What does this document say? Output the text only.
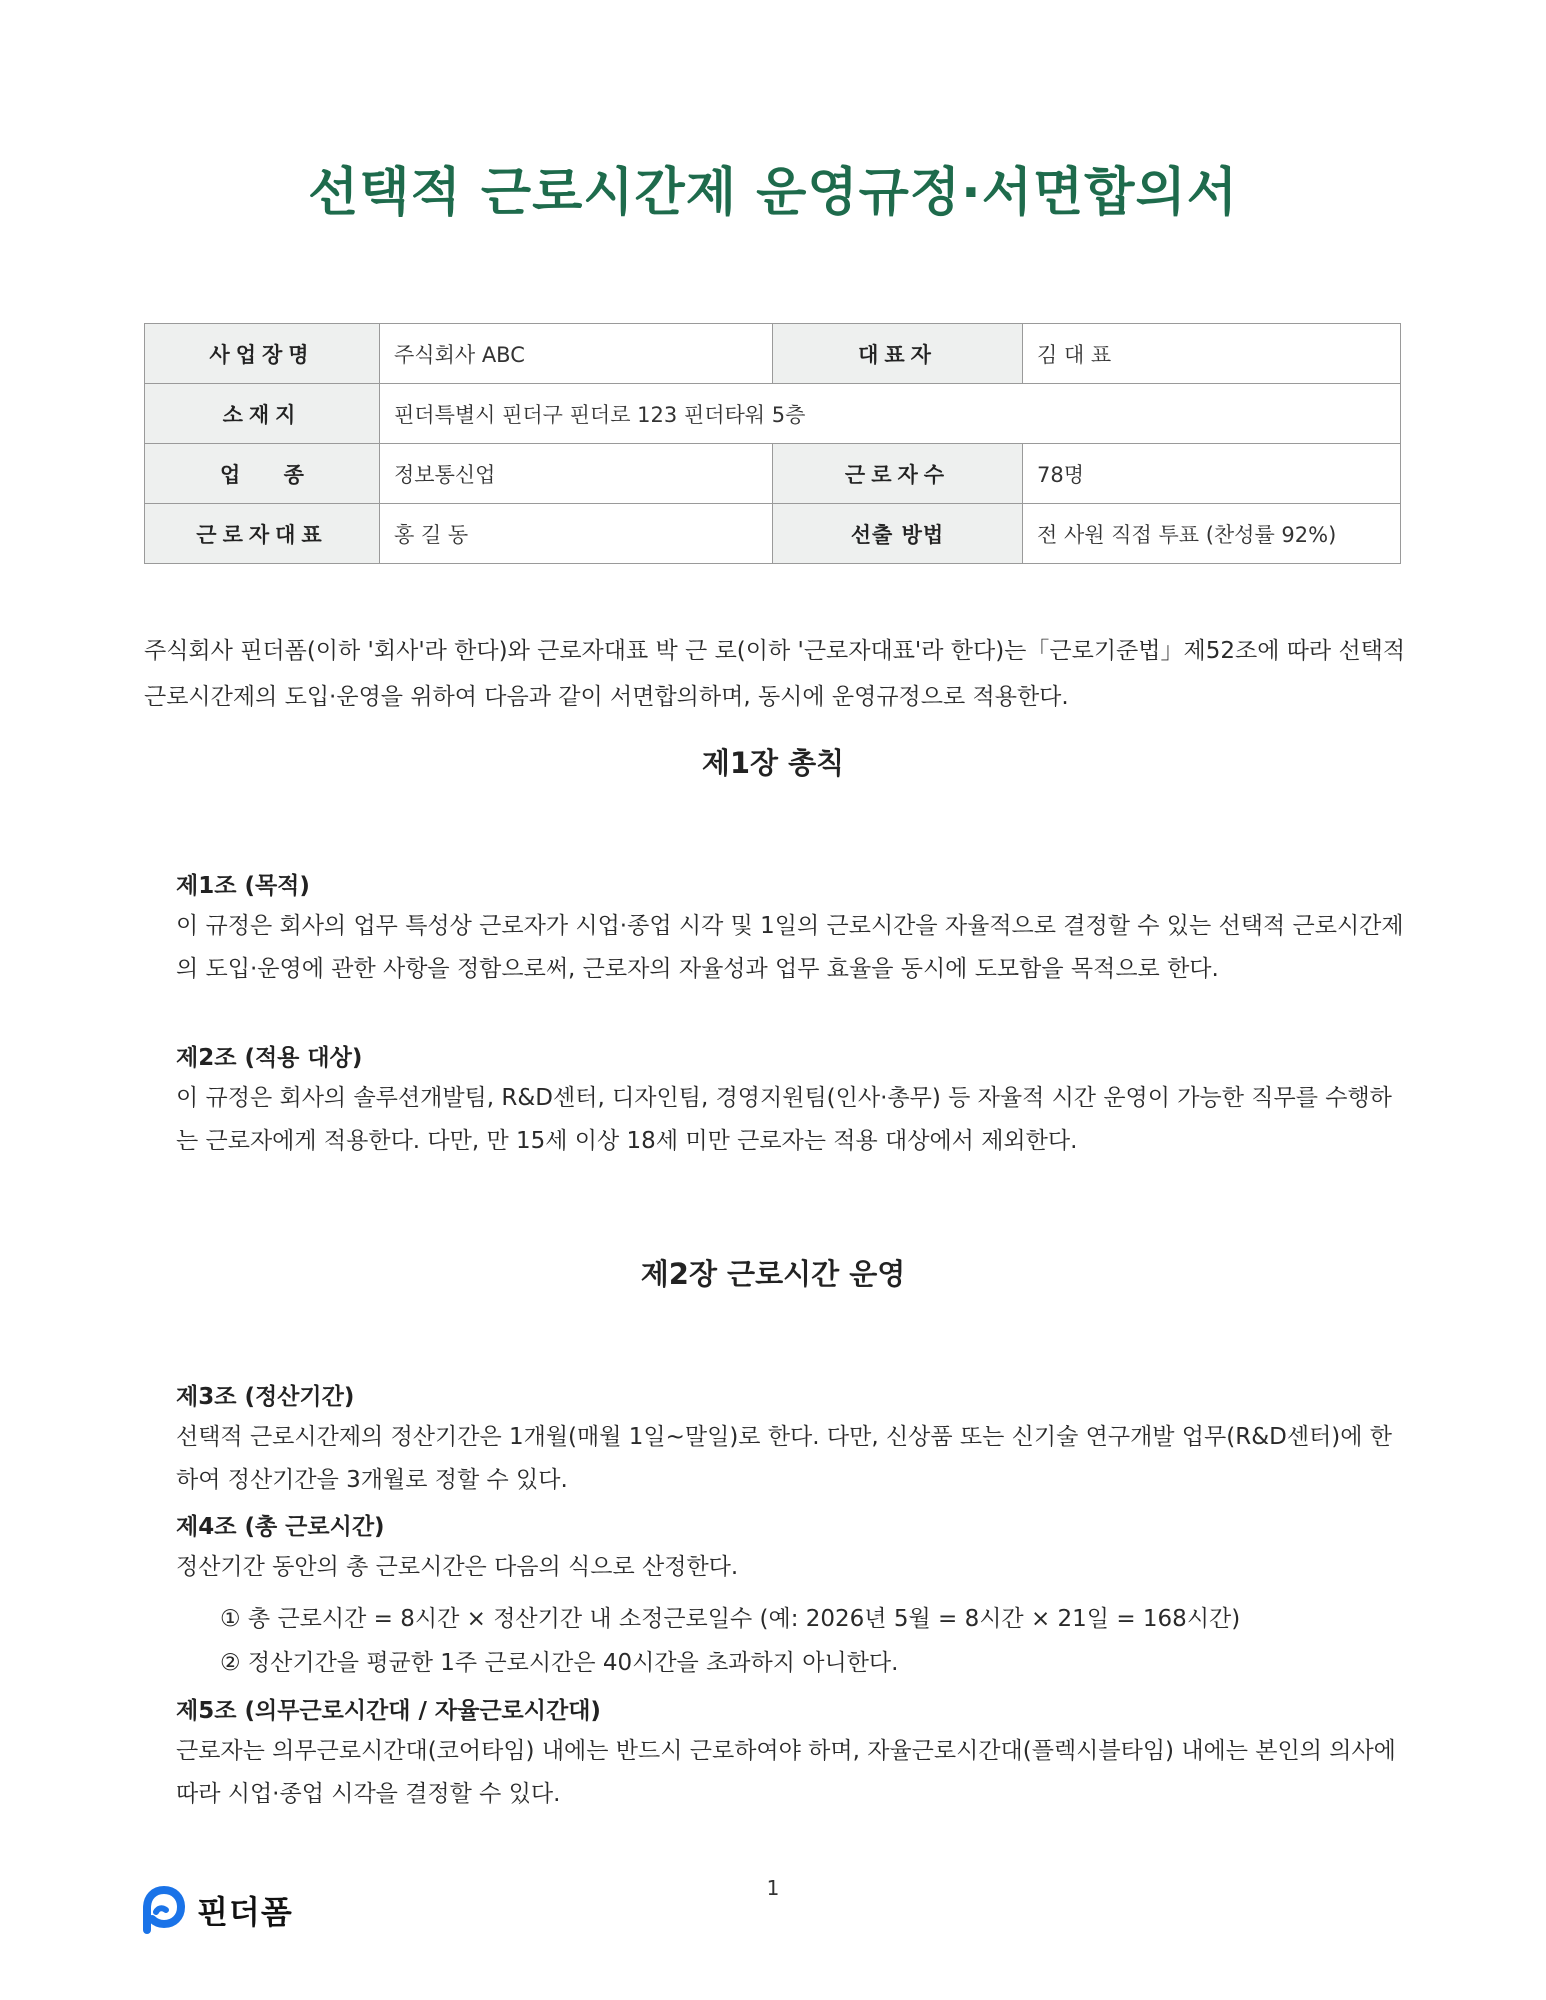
선택적 근로시간제 운영규정·서면합의서
사업장명	주식회사 ABC	대표자	김 대 표
소재지	핀더특별시 핀더구 핀더로 123 핀더타워 5층		
업 종	정보통신업	근로자수	78명
근로자대표	홍 길 동	선출 방법	전 사원 직접 투표 (찬성률 92%)

주식회사 핀더폼(이하 '회사'라 한다)와 근로자대표 박 근 로(이하 '근로자대표'라 한다)는「근로기준법」제52조에 따라 선택적 근로시간제의 도입·운영을 위하여 다음과 같이 서면합의하며, 동시에 운영규정으로 적용한다.

제1장 총칙
제1조 (목적)

이 규정은 회사의 업무 특성상 근로자가 시업·종업 시각 및 1일의 근로시간을 자율적으로 결정할 수 있는 선택적 근로시간제의 도입·운영에 관한 사항을 정함으로써, 근로자의 자율성과 업무 효율을 동시에 도모함을 목적으로 한다.

제2조 (적용 대상)

이 규정은 회사의 솔루션개발팀, R&D센터, 디자인팀, 경영지원팀(인사·총무) 등 자율적 시간 운영이 가능한 직무를 수행하는 근로자에게 적용한다. 다만, 만 15세 이상 18세 미만 근로자는 적용 대상에서 제외한다.

제2장 근로시간 운영
제3조 (정산기간)

선택적 근로시간제의 정산기간은 1개월(매월 1일~말일)로 한다. 다만, 신상품 또는 신기술 연구개발 업무(R&D센터)에 한하여 정산기간을 3개월로 정할 수 있다.

제4조 (총 근로시간)

정산기간 동안의 총 근로시간은 다음의 식으로 산정한다.

① 총 근로시간 = 8시간 × 정산기간 내 소정근로일수 (예: 2026년 5월 = 8시간 × 21일 = 168시간)

② 정산기간을 평균한 1주 근로시간은 40시간을 초과하지 아니한다.

제5조 (의무근로시간대 / 자율근로시간대)

근로자는 의무근로시간대(코어타임) 내에는 반드시 근로하여야 하며, 자율근로시간대(플렉시블타임) 내에는 본인의 의사에 따라 시업·종업 시각을 결정할 수 있다.

1
핀더폼
